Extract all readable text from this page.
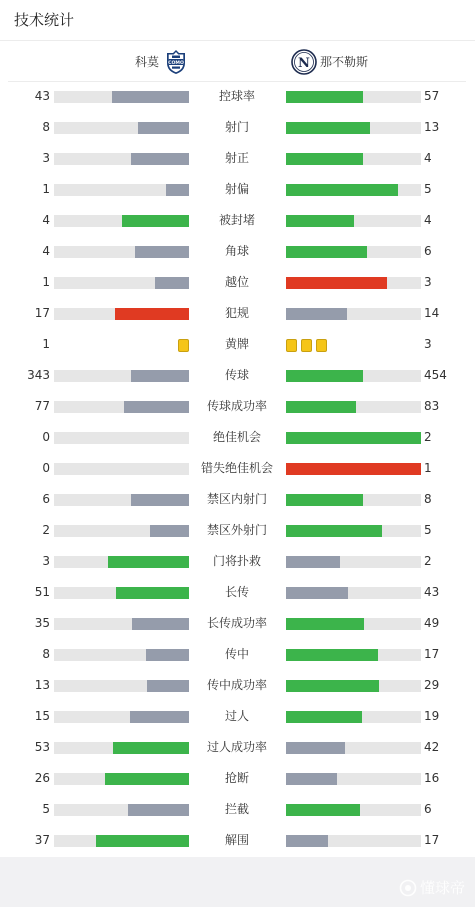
技术统计
科莫 COMO	N 那不勒斯
43	控球率	57
8	射门	13
3	射正	4
1	射偏	5
4	被封堵	4
4	角球	6
1	越位	3
17	犯规	14
1	黄牌	3
343	传球	454
77	传球成功率	83
0	绝佳机会	2
0	错失绝佳机会	1
6	禁区内射门	8
2	禁区外射门	5
3	门将扑救	2
51	长传	43
35	长传成功率	49
8	传中	17
13	传中成功率	29
15	过人	19
53	过人成功率	42
26	抢断	16
5	拦截	6
37	解围	17
懂球帝
